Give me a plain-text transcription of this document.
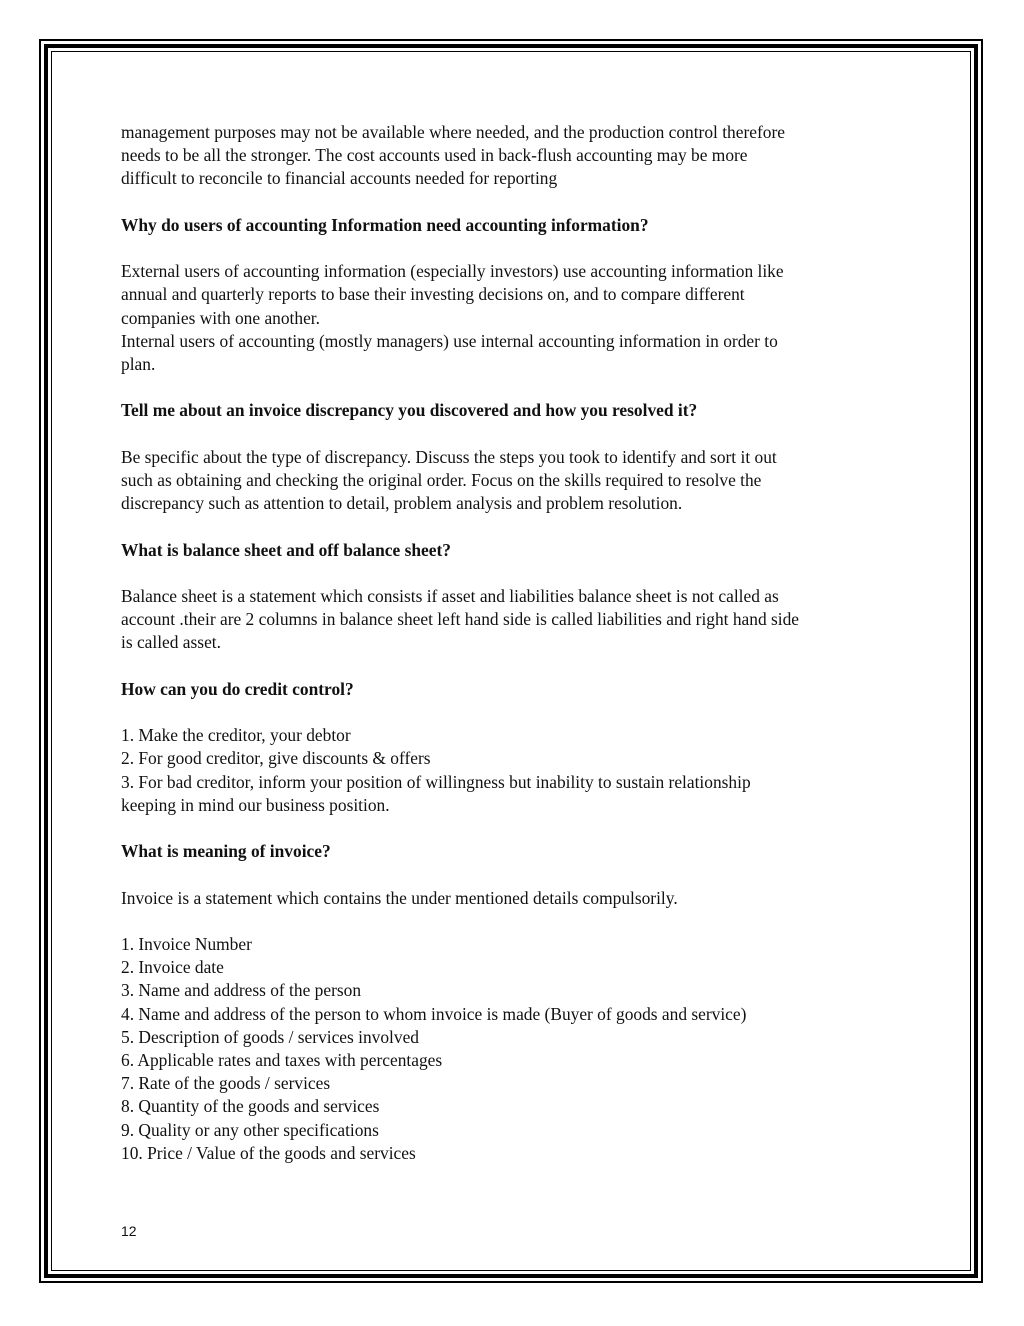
management purposes may not be available where needed, and the production control therefore
needs to be all the stronger. The cost accounts used in back-flush accounting may be more
difficult to reconcile to financial accounts needed for reporting

Why do users of accounting Information need accounting information?

External users of accounting information (especially investors) use accounting information like
annual and quarterly reports to base their investing decisions on, and to compare different
companies with one another.
Internal users of accounting (mostly managers) use internal accounting information in order to
plan.

Tell me about an invoice discrepancy you discovered and how you resolved it?

Be specific about the type of discrepancy. Discuss the steps you took to identify and sort it out
such as obtaining and checking the original order. Focus on the skills required to resolve the
discrepancy such as attention to detail, problem analysis and problem resolution.

What is balance sheet and off balance sheet?

Balance sheet is a statement which consists if asset and liabilities balance sheet is not called as
account .their are 2 columns in balance sheet left hand side is called liabilities and right hand side
is called asset.

How can you do credit control?

1. Make the creditor, your debtor
2. For good creditor, give discounts & offers
3. For bad creditor, inform your position of willingness but inability to sustain relationship
keeping in mind our business position.

What is meaning of invoice?

Invoice is a statement which contains the under mentioned details compulsorily.

1. Invoice Number
2. Invoice date
3. Name and address of the person
4. Name and address of the person to whom invoice is made (Buyer of goods and service)
5. Description of goods / services involved
6. Applicable rates and taxes with percentages
7. Rate of the goods / services
8. Quantity of the goods and services
9. Quality or any other specifications
10. Price / Value of the goods and services

12
